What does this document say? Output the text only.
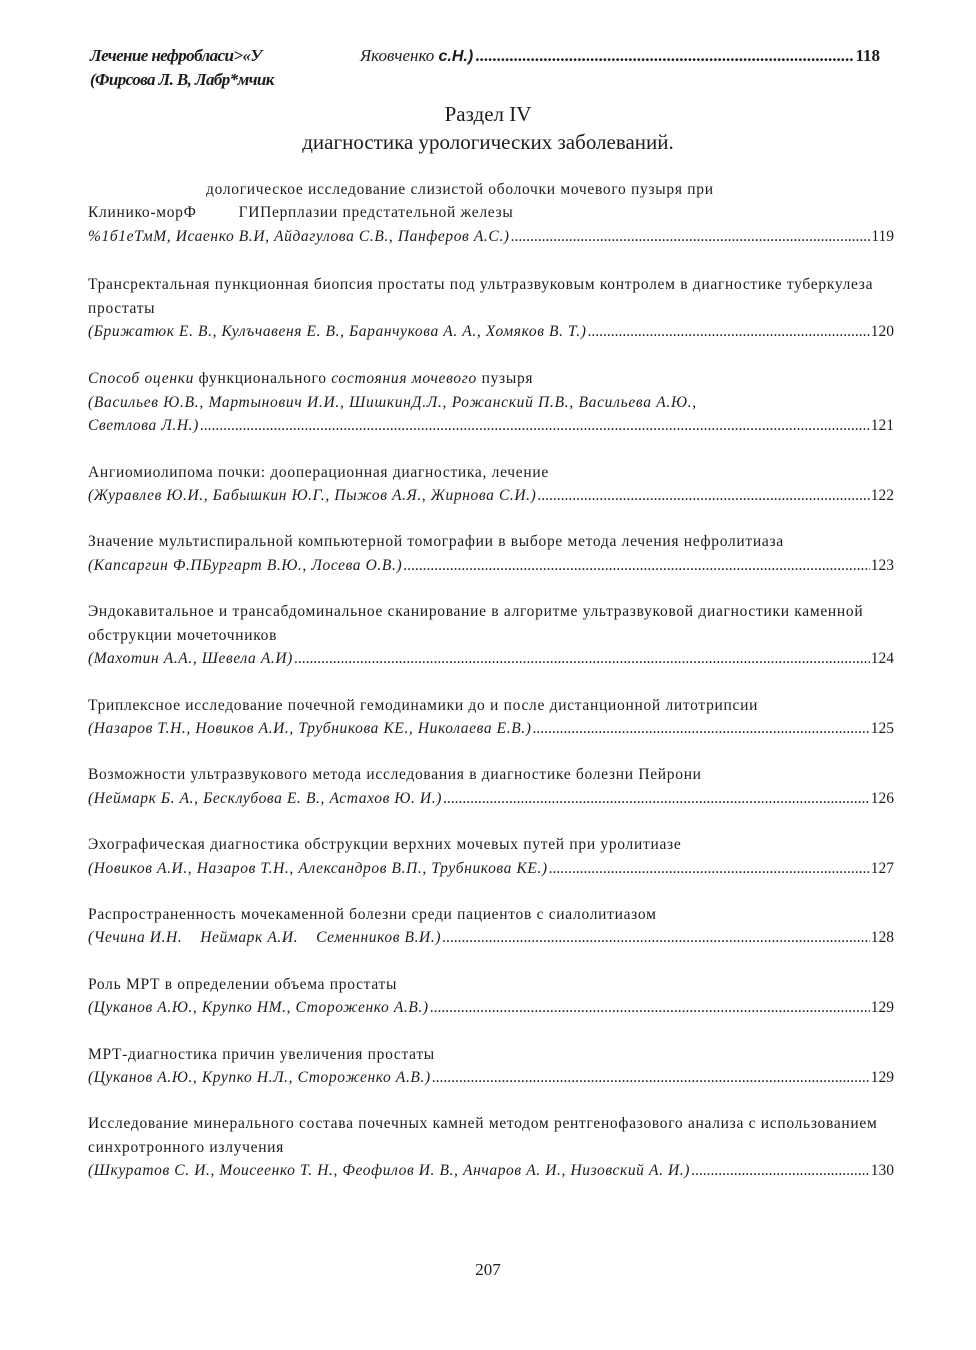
Лечение нефробласи>«У
(Фирсова Л. В, Лабр*мчик
Яковченко с.Н.) .....	118
Раздел IV
диагностика урологических заболеваний.
дологическое исследование слизистой оболочки мочевого пузыря при
Клинико-морФ	ГИПерплазии предстательной железы
%1б1еТмМ, Исаенко В.И, Айдагулова С.В., Панферов А.С.) .....	119
Трансректальная пункционная биопсия простаты под ультразвуковым контролем в диагностике туберкулеза простаты
(Брижатюк Е. В., Кулъчавеня Е. В., Баранчукова А. А., Хомяков В. Т.) .....	120
Способ оценки функционального состояния мочевого пузыря
(Васильев Ю.В., Мартынович И.И., ШишкинД.Л., Рожанский П.В., Васильева А.Ю.,
Светлова Л.Н.) .....	121
Ангиомиолипома почки: дооперационная диагностика, лечение
(Журавлев Ю.И., Бабышкин Ю.Г., Пыжов А.Я., Жирнова С.И.) .....	122
Значение мультиспиральной компьютерной томографии в выборе метода лечения нефролитиаза
(Капсаргин Ф.ПБургарт В.Ю., Лосева О.В.) .....	123
Эндокавитальное и трансабдоминальное сканирование в алгоритме ультразвуковой диагностики каменной обструкции мочеточников
(Махотин А.А., Шевела А.И) .....	124
Триплексное исследование почечной гемодинамики до и после дистанционной литотрипсии
(Назаров Т.Н., Новиков А.И., Трубникова КЕ., Николаева Е.В.) .....	125
Возможности ультразвукового метода исследования в диагностике болезни Пейрони
(Неймарк Б. А., Бесклубова Е. В., Астахов Ю. И.) .....	126
Эхографическая диагностика обструкции верхних мочевых путей при уролитиазе
(Новиков А.И., Назаров Т.Н., Александров В.П., Трубникова КЕ.) .....	127
Распространенность мочекаменной болезни среди пациентов с сиалолитиазом
(Чечина И.Н.    Неймарк А.И.    Семенников В.И.) .....	128
Роль МРТ в определении объема простаты
(Цуканов А.Ю., Крупко НМ., Стороженко А.В.) .....	129
МРТ-диагностика причин увеличения простаты
(Цуканов А.Ю., Крупко Н.Л., Стороженко А.В.) .....	129
Исследование минерального состава почечных камней методом рентгенофазового анализа с использованием синхротронного излучения
(Шкуратов С. И., Моисеенко Т. Н., Феофилов И. В., Анчаров А. И., Низовский А. И.) .....	130
207
